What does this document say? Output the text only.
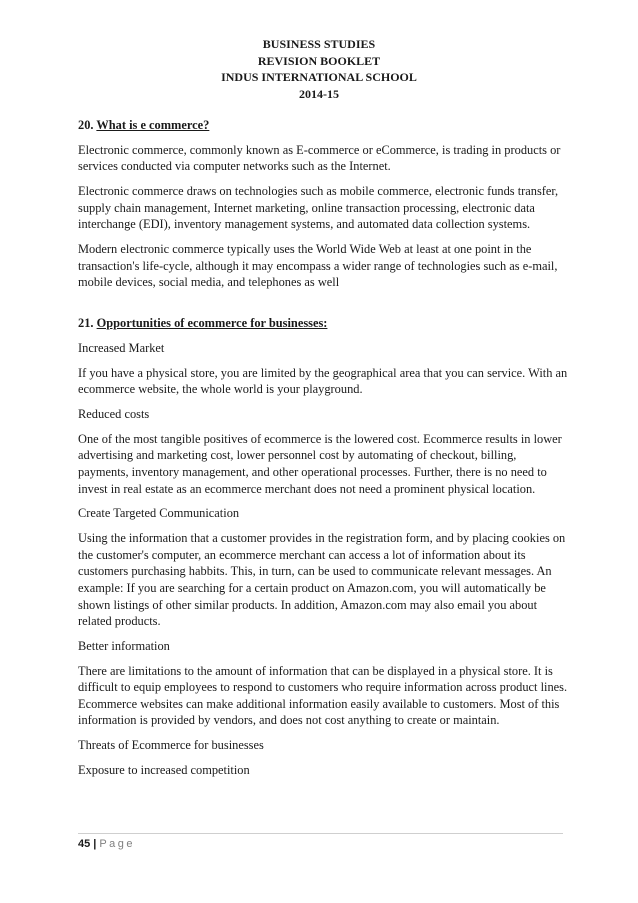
BUSINESS STUDIES
REVISION BOOKLET
INDUS INTERNATIONAL SCHOOL
2014-15

20. What is e commerce?

Electronic commerce, commonly known as E-commerce or eCommerce, is trading in products or services conducted via computer networks such as the Internet.

Electronic commerce draws on technologies such as mobile commerce, electronic funds transfer, supply chain management, Internet marketing, online transaction processing, electronic data interchange (EDI), inventory management systems, and automated data collection systems.

Modern electronic commerce typically uses the World Wide Web at least at one point in the transaction's life-cycle, although it may encompass a wider range of technologies such as e-mail, mobile devices, social media, and telephones as well

21. Opportunities of ecommerce for businesses:

Increased Market

If you have a physical store, you are limited by the geographical area that you can service. With an ecommerce website, the whole world is your playground.

Reduced costs

One of the most tangible positives of ecommerce is the lowered cost. Ecommerce results in lower advertising and marketing cost, lower personnel cost by automating of checkout, billing, payments, inventory management, and other operational processes. Further, there is no need to invest in real estate as an ecommerce merchant does not need a prominent physical location.

Create Targeted Communication

Using the information that a customer provides in the registration form, and by placing cookies on the customer's computer, an ecommerce merchant can access a lot of information about its customers purchasing habbits. This, in turn, can be used to communicate relevant messages. An example: If you are searching for a certain product on Amazon.com, you will automatically be shown listings of other similar products. In addition, Amazon.com may also email you about related products.

Better information

There are limitations to the amount of information that can be displayed in a physical store. It is difficult to equip employees to respond to customers who require information across product lines. Ecommerce websites can make additional information easily available to customers. Most of this information is provided by vendors, and does not cost anything to create or maintain.

Threats of Ecommerce for businesses

Exposure to increased competition

45 | Page
